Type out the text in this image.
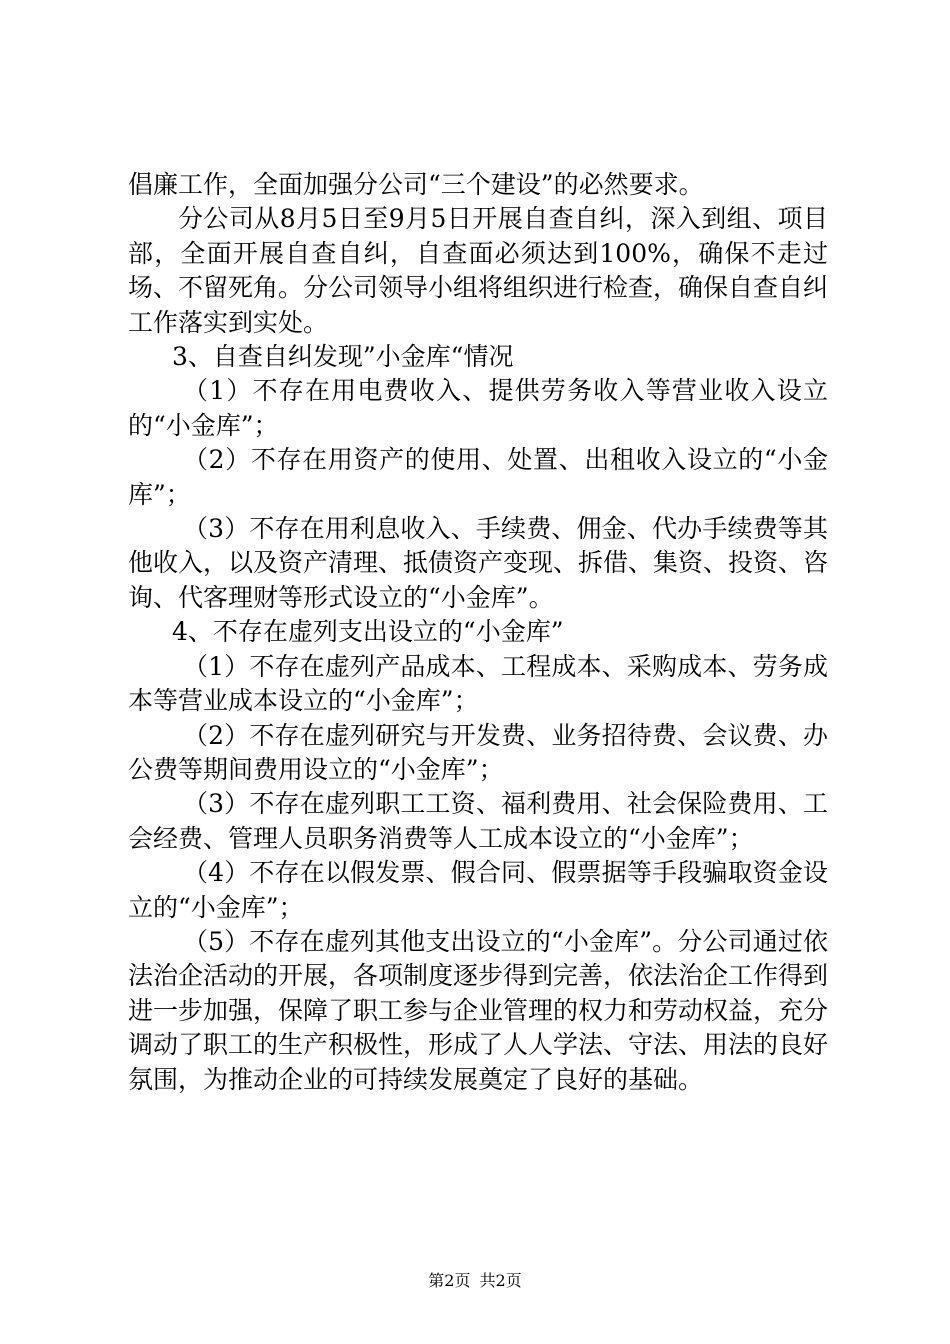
倡廉工作，全面加强分公司“三个建设”的必然要求。

分公司从8月5日至9月5日开展自查自纠，深入到组、项目部，全面开展自查自纠，自查面必须达到100%，确保不走过场、不留死角。分公司领导小组将组织进行检查，确保自查自纠工作落实到实处。

3、自查自纠发现”小金库“情况

（1）不存在用电费收入、提供劳务收入等营业收入设立的“小金库”；

（2）不存在用资产的使用、处置、出租收入设立的“小金库”；

（3）不存在用利息收入、手续费、佣金、代办手续费等其他收入，以及资产清理、抵债资产变现、拆借、集资、投资、咨询、代客理财等形式设立的“小金库”。

4、不存在虚列支出设立的“小金库”

（1）不存在虚列产品成本、工程成本、采购成本、劳务成本等营业成本设立的“小金库”；

（2）不存在虚列研究与开发费、业务招待费、会议费、办公费等期间费用设立的“小金库”；

（3）不存在虚列职工工资、福利费用、社会保险费用、工会经费、管理人员职务消费等人工成本设立的“小金库”；

（4）不存在以假发票、假合同、假票据等手段骗取资金设立的“小金库”；

（5）不存在虚列其他支出设立的“小金库”。分公司通过依法治企活动的开展，各项制度逐步得到完善，依法治企工作得到进一步加强，保障了职工参与企业管理的权力和劳动权益，充分调动了职工的生产积极性，形成了人人学法、守法、用法的良好氛围，为推动企业的可持续发展奠定了良好的基础。

第2页 共2页
